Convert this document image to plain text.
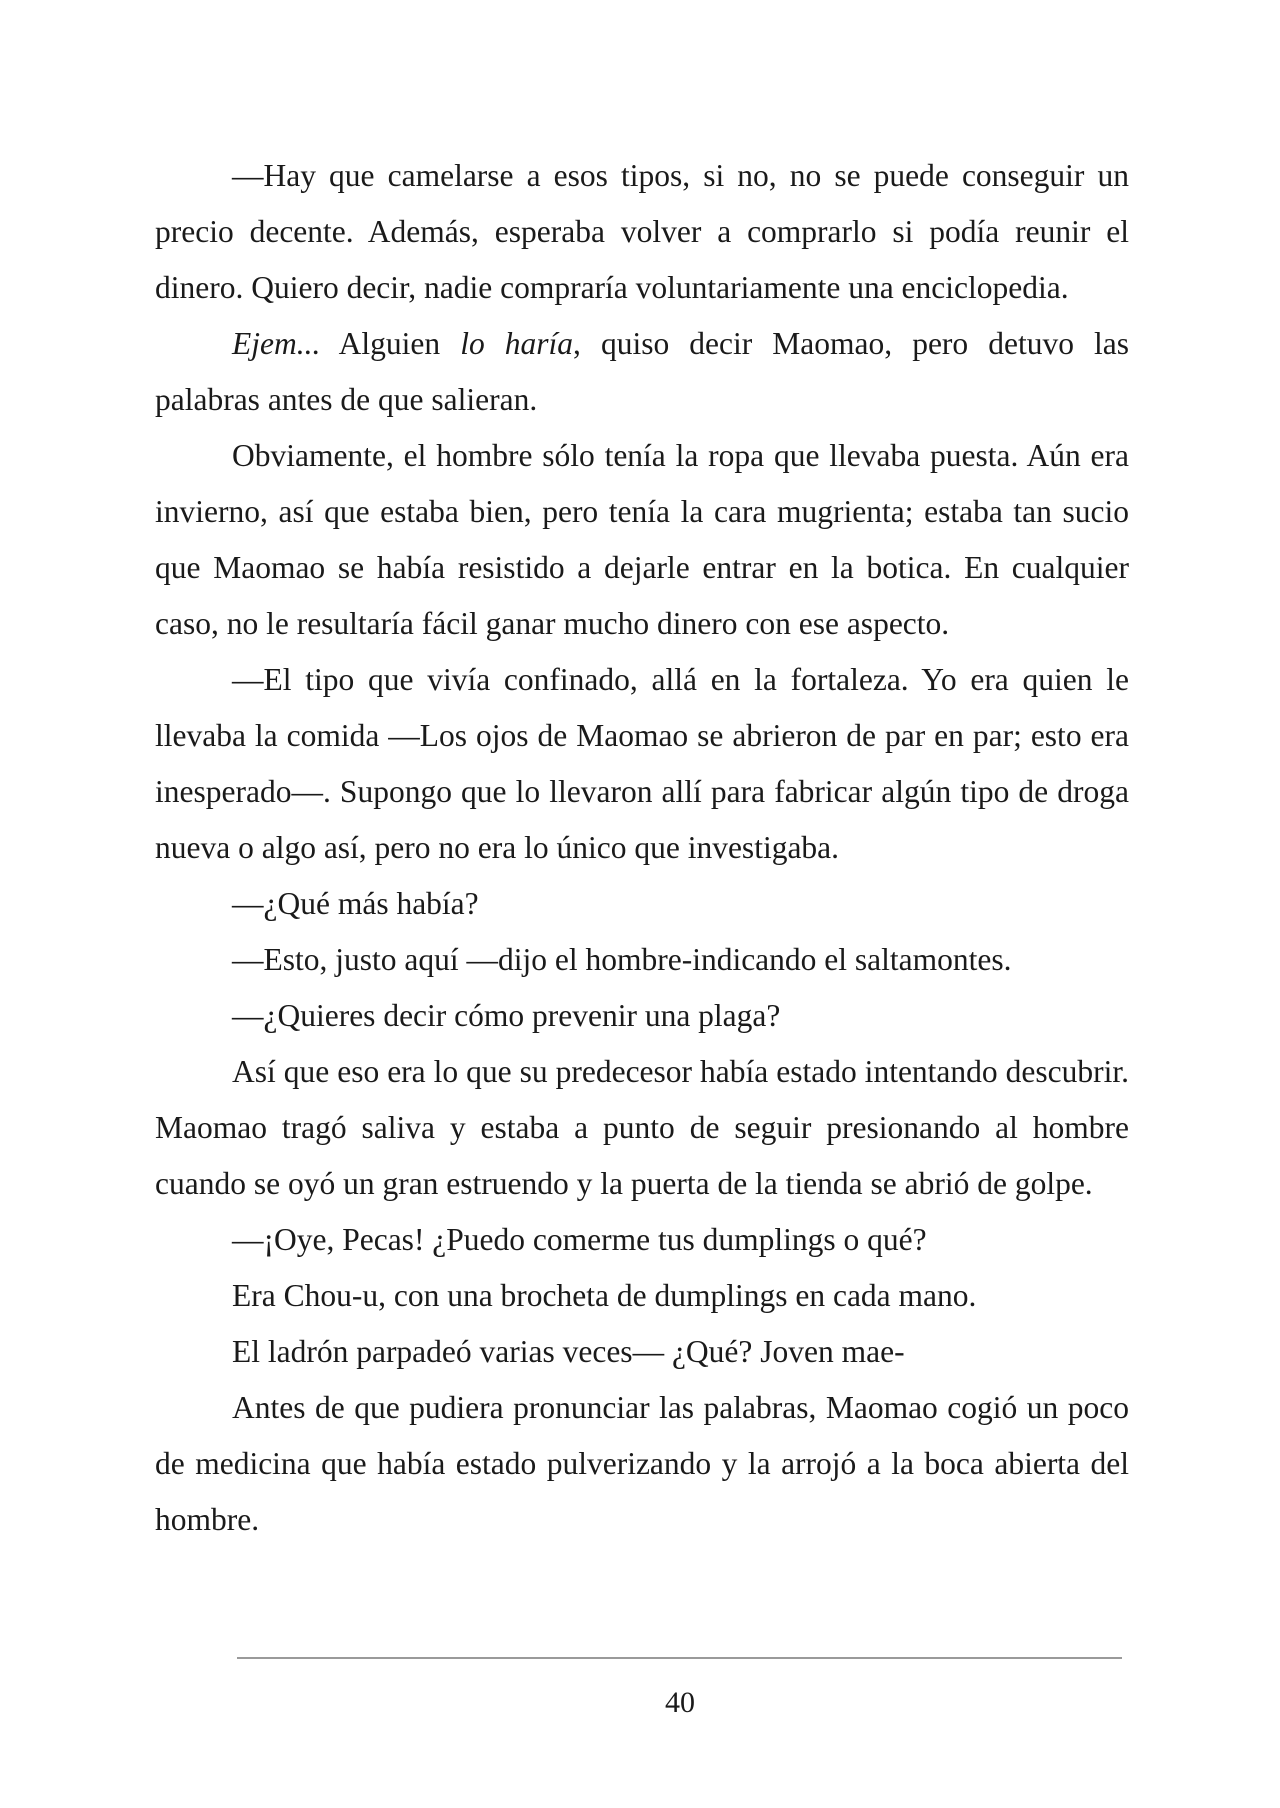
—Hay que camelarse a esos tipos, si no, no se puede conseguir un precio decente. Además, esperaba volver a comprarlo si podía reunir el dinero. Quiero decir, nadie compraría voluntariamente una enciclopedia.

Ejem... Alguien lo haría, quiso decir Maomao, pero detuvo las palabras antes de que salieran.

Obviamente, el hombre sólo tenía la ropa que llevaba puesta. Aún era invierno, así que estaba bien, pero tenía la cara mugrienta; estaba tan sucio que Maomao se había resistido a dejarle entrar en la botica. En cualquier caso, no le resultaría fácil ganar mucho dinero con ese aspecto.

—El tipo que vivía confinado, allá en la fortaleza. Yo era quien le llevaba la comida —Los ojos de Maomao se abrieron de par en par; esto era inesperado—. Supongo que lo llevaron allí para fabricar algún tipo de droga nueva o algo así, pero no era lo único que investigaba.

—¿Qué más había?

—Esto, justo aquí —dijo el hombre-indicando el saltamontes.

—¿Quieres decir cómo prevenir una plaga?

Así que eso era lo que su predecesor había estado intentando descubrir. Maomao tragó saliva y estaba a punto de seguir presionando al hombre cuando se oyó un gran estruendo y la puerta de la tienda se abrió de golpe.

—¡Oye, Pecas! ¿Puedo comerme tus dumplings o qué?

Era Chou-u, con una brocheta de dumplings en cada mano.

El ladrón parpadeó varias veces— ¿Qué? Joven mae-

Antes de que pudiera pronunciar las palabras, Maomao cogió un poco de medicina que había estado pulverizando y la arrojó a la boca abierta del hombre.

40
